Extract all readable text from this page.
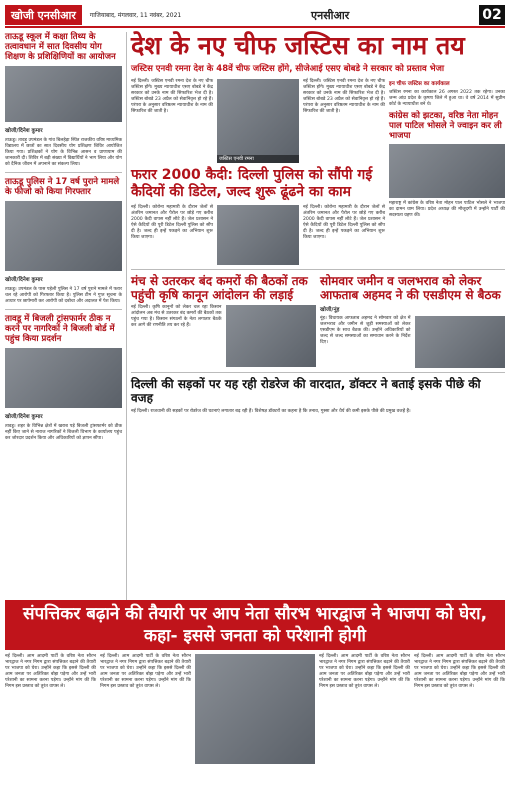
खोजी एनसीआर	गाजियाबाद, मंगलवार, 11 नवंबर, 2021	एनसीआर	02
ताऊडू स्कूल में कक्षा तिथ्य के तत्वावधान में सात दिवसीय योग शिक्षण के प्रशिक्षिणियों का आयोजन
खोजी/दिनेश कुमार
ताऊडू। तावड़ू उपमंडल के गांव बिलहेड़ा स्थित राजकीय वरिष्ठ माध्यमिक विद्यालय में छात्रों का सात दिवसीय योग प्रशिक्षण शिविर आयोजित किया गया। प्रशिक्षकों ने योग के विभिन्न आसन व प्राणायाम की जानकारी दी। शिविर में बड़ी संख्या में विद्यार्थियों ने भाग लिया और योग को दैनिक जीवन में अपनाने का संकल्प लिया।
ताऊडू पुलिस ने 17 वर्ष पुराने मामले के फीजो को किया गिरफ्तार
खोजी/दिनेश कुमार
ताऊडू। उपमंडल के पास पहेली पुलिस ने 17 वर्ष पुराने मामले में फरार चल रहे आरोपी को गिरफ्तार किया है। पुलिस टीम ने गुप्त सूचना के आधार पर छापेमारी कर आरोपी को दबोचा और अदालत में पेश किया।
तावडू में बिजली ट्रांसफार्मर ठीक न करने पर नागरिकों ने बिजली बोर्ड में पहुंच किया प्रदर्शन
खोजी/दिनेश कुमार
तावडू। शहर के विभिन्न क्षेत्रों में खराब पड़े बिजली ट्रांसफार्मर को ठीक नहीं किए जाने से नाराज नागरिकों ने बिजली विभाग के कार्यालय पहुंच कर जोरदार प्रदर्शन किया और अधिकारियों को ज्ञापन सौंपा।
देश के नए चीफ जस्टिस का नाम तय
जस्टिस एनवी रमना देश के 48वें चीफ जस्टिस होंगे, सीजेआई एसए बोबडे ने सरकार को प्रस्ताव भेजा
नई दिल्ली। जस्टिस एनवी रमना देश के नए चीफ जस्टिस होंगे। मुख्य न्यायाधीश एसए बोबडे ने केंद्र सरकार को उनके नाम की सिफारिश भेज दी है। जस्टिस बोबडे 23 अप्रैल को सेवानिवृत्त हो रहे हैं। परंपरा के अनुसार वरिष्ठतम न्यायाधीश के नाम की सिफारिश की जाती है।
जस्टिस एनवी रमना
नई दिल्ली। जस्टिस एनवी रमना देश के नए चीफ जस्टिस होंगे। मुख्य न्यायाधीश एसए बोबडे ने केंद्र सरकार को उनके नाम की सिफारिश भेज दी है। जस्टिस बोबडे 23 अप्रैल को सेवानिवृत्त हो रहे हैं। परंपरा के अनुसार वरिष्ठतम न्यायाधीश के नाम की सिफारिश की जाती है।
फरार 2000 कैदी: दिल्ली पुलिस को सौंपी गई कैदियों की डिटेल, जल्द शुरू ढूंढने का काम
नई दिल्ली। कोरोना महामारी के दौरान जेलों से अंतरिम जमानत और पैरोल पर छोड़े गए करीब 2000 कैदी वापस नहीं लौटे हैं। जेल प्रशासन ने ऐसे कैदियों की पूरी डिटेल दिल्ली पुलिस को सौंप दी है। जल्द ही इन्हें पकड़ने का अभियान शुरू किया जाएगा।
नई दिल्ली। कोरोना महामारी के दौरान जेलों से अंतरिम जमानत और पैरोल पर छोड़े गए करीब 2000 कैदी वापस नहीं लौटे हैं। जेल प्रशासन ने ऐसे कैदियों की पूरी डिटेल दिल्ली पुलिस को सौंप दी है। जल्द ही इन्हें पकड़ने का अभियान शुरू किया जाएगा।
इन चीफ जस्टिस का कार्यकाल
जस्टिस रमना का कार्यकाल 26 अगस्त 2022 तक रहेगा। उनका जन्म आंध्र प्रदेश के कृष्णा जिले में हुआ था। वे वर्ष 2014 में सुप्रीम कोर्ट के न्यायाधीश बने थे।
कांग्रेस को झटका, वरिष्ठ नेता मोहन पाल पाटिल भोसले ने ज्वाइन कर ली भाजपा
महाराष्ट्र में कांग्रेस के वरिष्ठ नेता मोहन पाल पाटिल भोसले ने भाजपा का दामन थाम लिया। प्रदेश अध्यक्ष की मौजूदगी में उन्होंने पार्टी की सदस्यता ग्रहण की।
मंच से उतरकर बंद कमरों की बैठकों तक पहुंची कृषि कानून आंदोलन की लड़ाई
नई दिल्ली। कृषि कानूनों को लेकर चल रहा किसान आंदोलन अब मंच से उतरकर बंद कमरों की बैठकों तक पहुंच गया है। किसान संगठनों के नेता लगातार बैठकें कर आगे की रणनीति तय कर रहे हैं।
सोमवार जमीन व जलभराव को लेकर आफताब अहमद ने की एसडीएम से बैठक
खोजी/नूंह
नूंह। विधायक आफताब अहमद ने सोमवार को क्षेत्र में जलभराव और जमीन से जुड़ी समस्याओं को लेकर एसडीएम के साथ बैठक की। उन्होंने अधिकारियों को जल्द से जल्द समस्याओं का समाधान करने के निर्देश दिए।
दिल्ली की सड़कों पर यह रही रोडरेज की वारदात, डॉक्टर ने बताई इसके पीछे की वजह
नई दिल्ली। राजधानी की सड़कों पर रोडरेज की घटनाएं लगातार बढ़ रही हैं। विशेषज्ञ डॉक्टरों का कहना है कि तनाव, गुस्सा और धैर्य की कमी इसके पीछे की प्रमुख वजहें हैं।
संपत्तिकर बढ़ाने की तैयारी पर आप नेता सौरभ भारद्वाज ने भाजपा को घेरा, कहा- इससे जनता को परेशानी होगी
नई दिल्ली। आम आदमी पार्टी के वरिष्ठ नेता सौरभ भारद्वाज ने नगर निगम द्वारा संपत्तिकर बढ़ाने की तैयारी पर भाजपा को घेरा। उन्होंने कहा कि इससे दिल्ली की आम जनता पर अतिरिक्त बोझ पड़ेगा और उन्हें भारी परेशानी का सामना करना पड़ेगा। उन्होंने मांग की कि निगम इस प्रस्ताव को तुरंत वापस ले।
नई दिल्ली। आम आदमी पार्टी के वरिष्ठ नेता सौरभ भारद्वाज ने नगर निगम द्वारा संपत्तिकर बढ़ाने की तैयारी पर भाजपा को घेरा। उन्होंने कहा कि इससे दिल्ली की आम जनता पर अतिरिक्त बोझ पड़ेगा और उन्हें भारी परेशानी का सामना करना पड़ेगा। उन्होंने मांग की कि निगम इस प्रस्ताव को तुरंत वापस ले।
नई दिल्ली। आम आदमी पार्टी के वरिष्ठ नेता सौरभ भारद्वाज ने नगर निगम द्वारा संपत्तिकर बढ़ाने की तैयारी पर भाजपा को घेरा। उन्होंने कहा कि इससे दिल्ली की आम जनता पर अतिरिक्त बोझ पड़ेगा और उन्हें भारी परेशानी का सामना करना पड़ेगा। उन्होंने मांग की कि निगम इस प्रस्ताव को तुरंत वापस ले।
नई दिल्ली। आम आदमी पार्टी के वरिष्ठ नेता सौरभ भारद्वाज ने नगर निगम द्वारा संपत्तिकर बढ़ाने की तैयारी पर भाजपा को घेरा। उन्होंने कहा कि इससे दिल्ली की आम जनता पर अतिरिक्त बोझ पड़ेगा और उन्हें भारी परेशानी का सामना करना पड़ेगा। उन्होंने मांग की कि निगम इस प्रस्ताव को तुरंत वापस ले।
